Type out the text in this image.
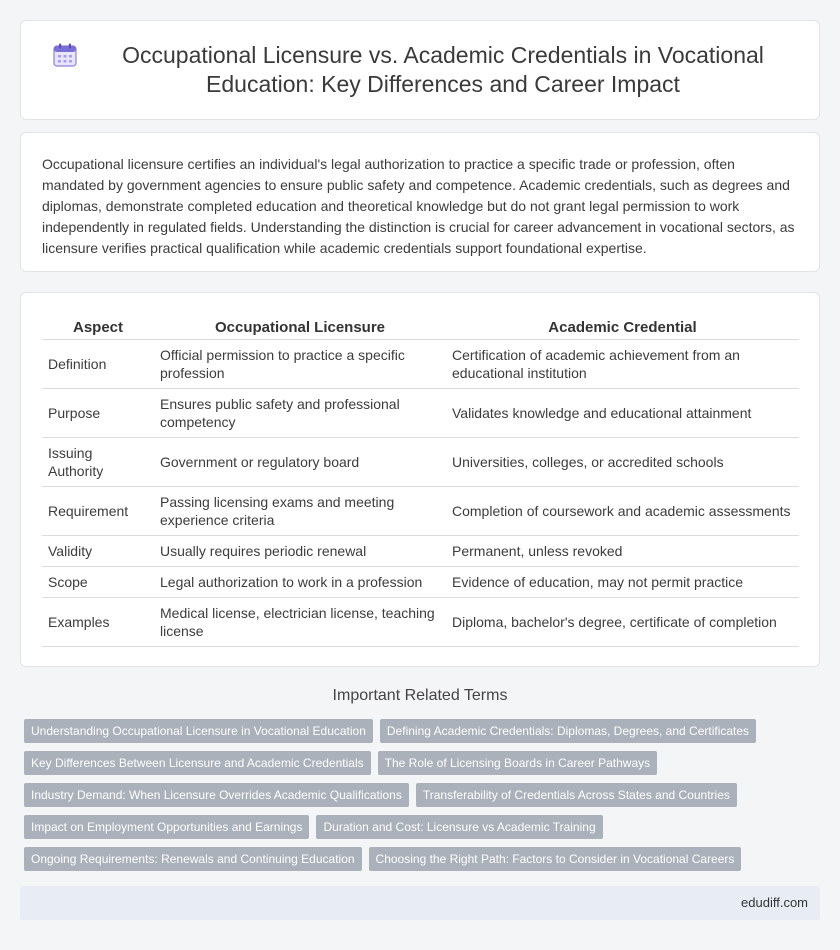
Occupational Licensure vs. Academic Credentials in Vocational Education: Key Differences and Career Impact

Occupational licensure certifies an individual's legal authorization to practice a specific trade or profession, often mandated by government agencies to ensure public safety and competence. Academic credentials, such as degrees and diplomas, demonstrate completed education and theoretical knowledge but do not grant legal permission to work independently in regulated fields. Understanding the distinction is crucial for career advancement in vocational sectors, as licensure verifies practical qualification while academic credentials support foundational expertise.

Aspect	Occupational Licensure	Academic Credential
Definition	Official permission to practice a specific profession	Certification of academic achievement from an educational institution
Purpose	Ensures public safety and professional competency	Validates knowledge and educational attainment
Issuing Authority	Government or regulatory board	Universities, colleges, or accredited schools
Requirement	Passing licensing exams and meeting experience criteria	Completion of coursework and academic assessments
Validity	Usually requires periodic renewal	Permanent, unless revoked
Scope	Legal authorization to work in a profession	Evidence of education, may not permit practice
Examples	Medical license, electrician license, teaching license	Diploma, bachelor's degree, certificate of completion
Important Related Terms
Understanding Occupational Licensure in Vocational Education	Defining Academic Credentials: Diplomas, Degrees, and Certificates
Key Differences Between Licensure and Academic Credentials	The Role of Licensing Boards in Career Pathways
Industry Demand: When Licensure Overrides Academic Qualifications	Transferability of Credentials Across States and Countries
Impact on Employment Opportunities and Earnings	Duration and Cost: Licensure vs Academic Training
Ongoing Requirements: Renewals and Continuing Education	Choosing the Right Path: Factors to Consider in Vocational Careers
edudiff.com
